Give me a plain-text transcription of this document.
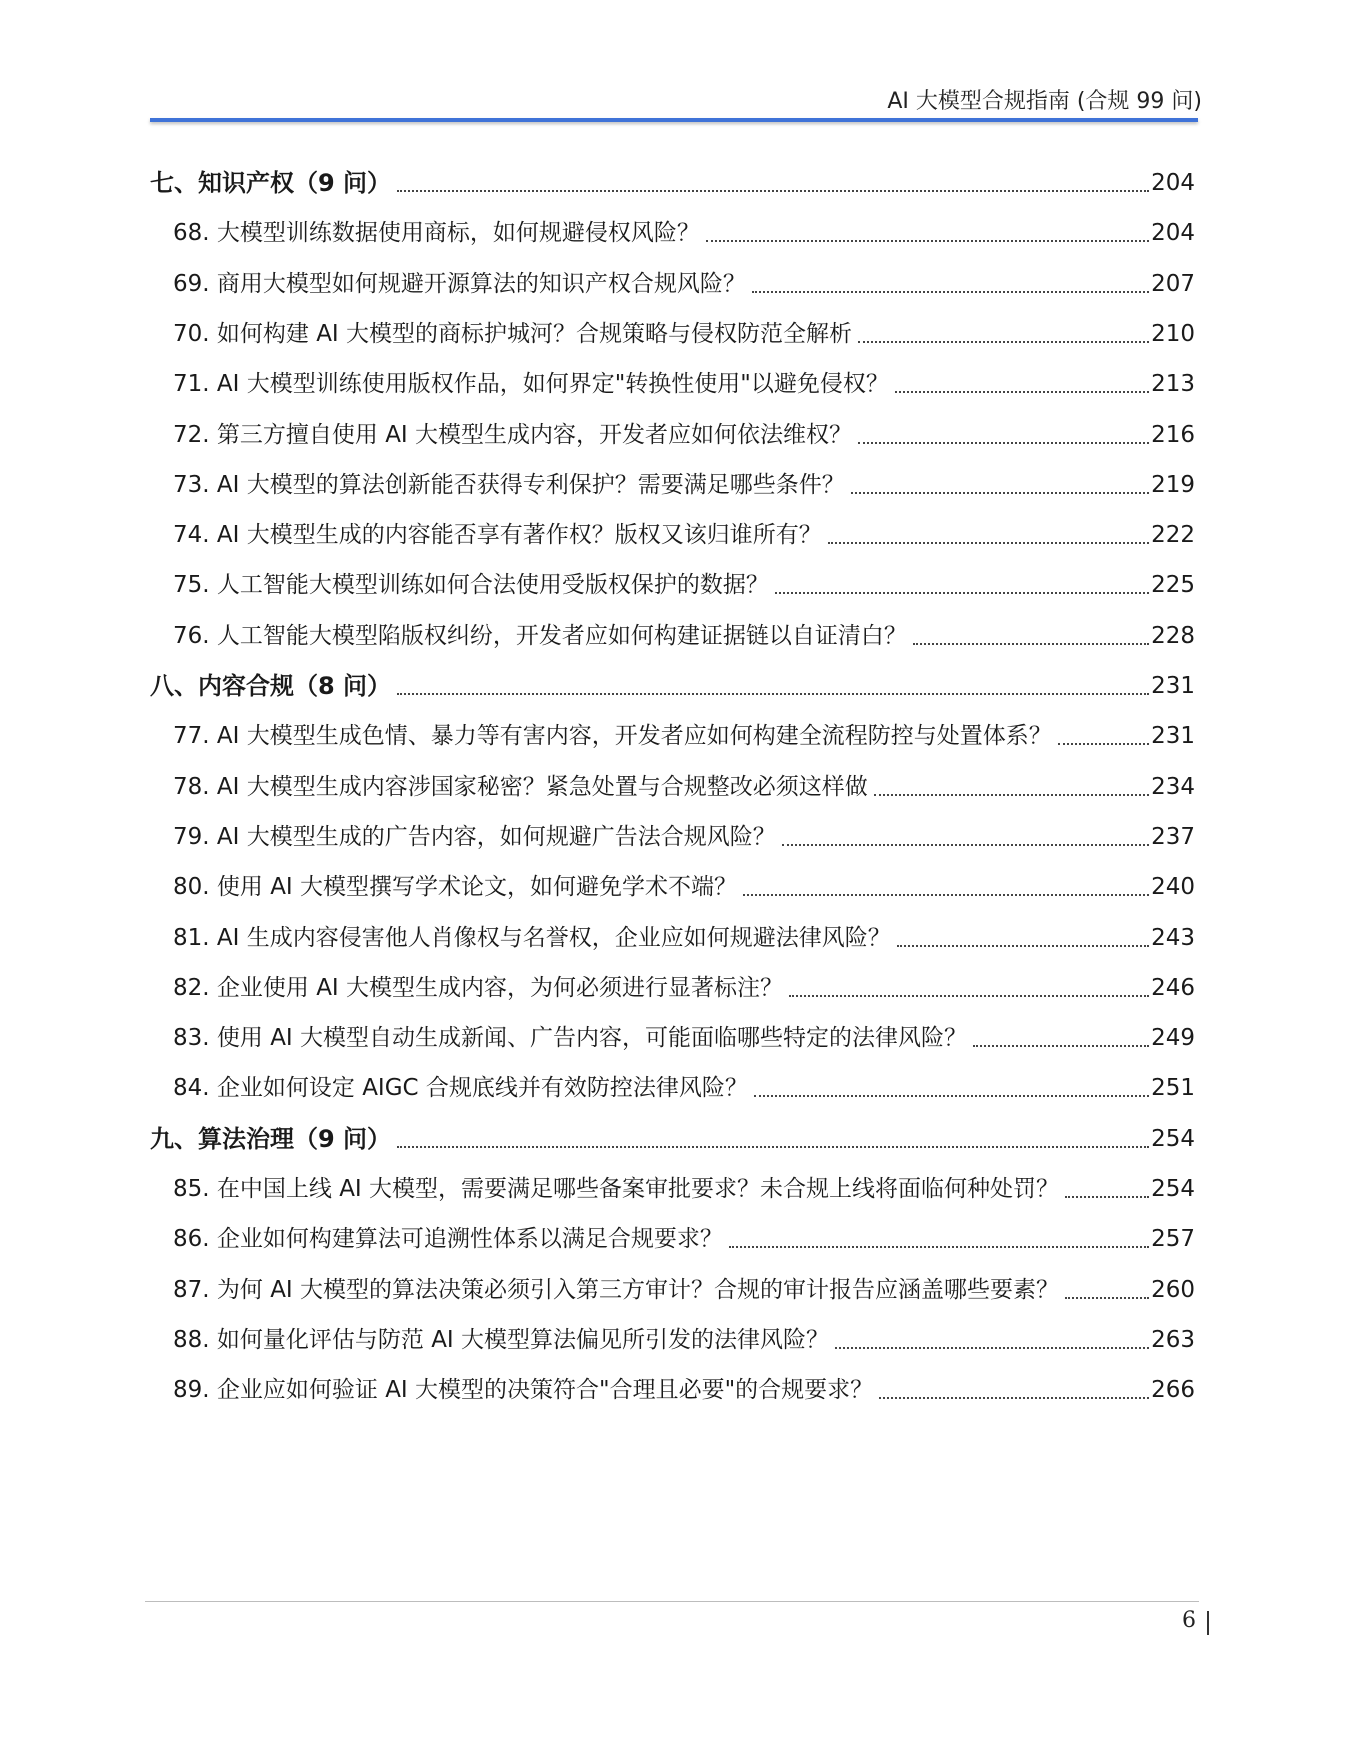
AI 大模型合规指南 (合规 99 问)
七、知识产权（9 问）	204
68. 大模型训练数据使用商标，如何规避侵权风险？	204
69. 商用大模型如何规避开源算法的知识产权合规风险？	207
70. 如何构建 AI 大模型的商标护城河？合规策略与侵权防范全解析	210
71. AI 大模型训练使用版权作品，如何界定"转换性使用"以避免侵权？	213
72. 第三方擅自使用 AI 大模型生成内容，开发者应如何依法维权？	216
73. AI 大模型的算法创新能否获得专利保护？需要满足哪些条件？	219
74. AI 大模型生成的内容能否享有著作权？版权又该归谁所有？	222
75. 人工智能大模型训练如何合法使用受版权保护的数据？	225
76. 人工智能大模型陷版权纠纷，开发者应如何构建证据链以自证清白？	228
八、内容合规（8 问）	231
77. AI 大模型生成色情、暴力等有害内容，开发者应如何构建全流程防控与处置体系？	231
78. AI 大模型生成内容涉国家秘密？紧急处置与合规整改必须这样做	234
79. AI 大模型生成的广告内容，如何规避广告法合规风险？	237
80. 使用 AI 大模型撰写学术论文，如何避免学术不端？	240
81. AI 生成内容侵害他人肖像权与名誉权，企业应如何规避法律风险？	243
82. 企业使用 AI 大模型生成内容，为何必须进行显著标注？	246
83. 使用 AI 大模型自动生成新闻、广告内容，可能面临哪些特定的法律风险？	249
84. 企业如何设定 AIGC 合规底线并有效防控法律风险？	251
九、算法治理（9 问）	254
85. 在中国上线 AI 大模型，需要满足哪些备案审批要求？未合规上线将面临何种处罚？	254
86. 企业如何构建算法可追溯性体系以满足合规要求？	257
87. 为何 AI 大模型的算法决策必须引入第三方审计？合规的审计报告应涵盖哪些要素？	260
88. 如何量化评估与防范 AI 大模型算法偏见所引发的法律风险？	263
89. 企业应如何验证 AI 大模型的决策符合"合理且必要"的合规要求？	266
6
